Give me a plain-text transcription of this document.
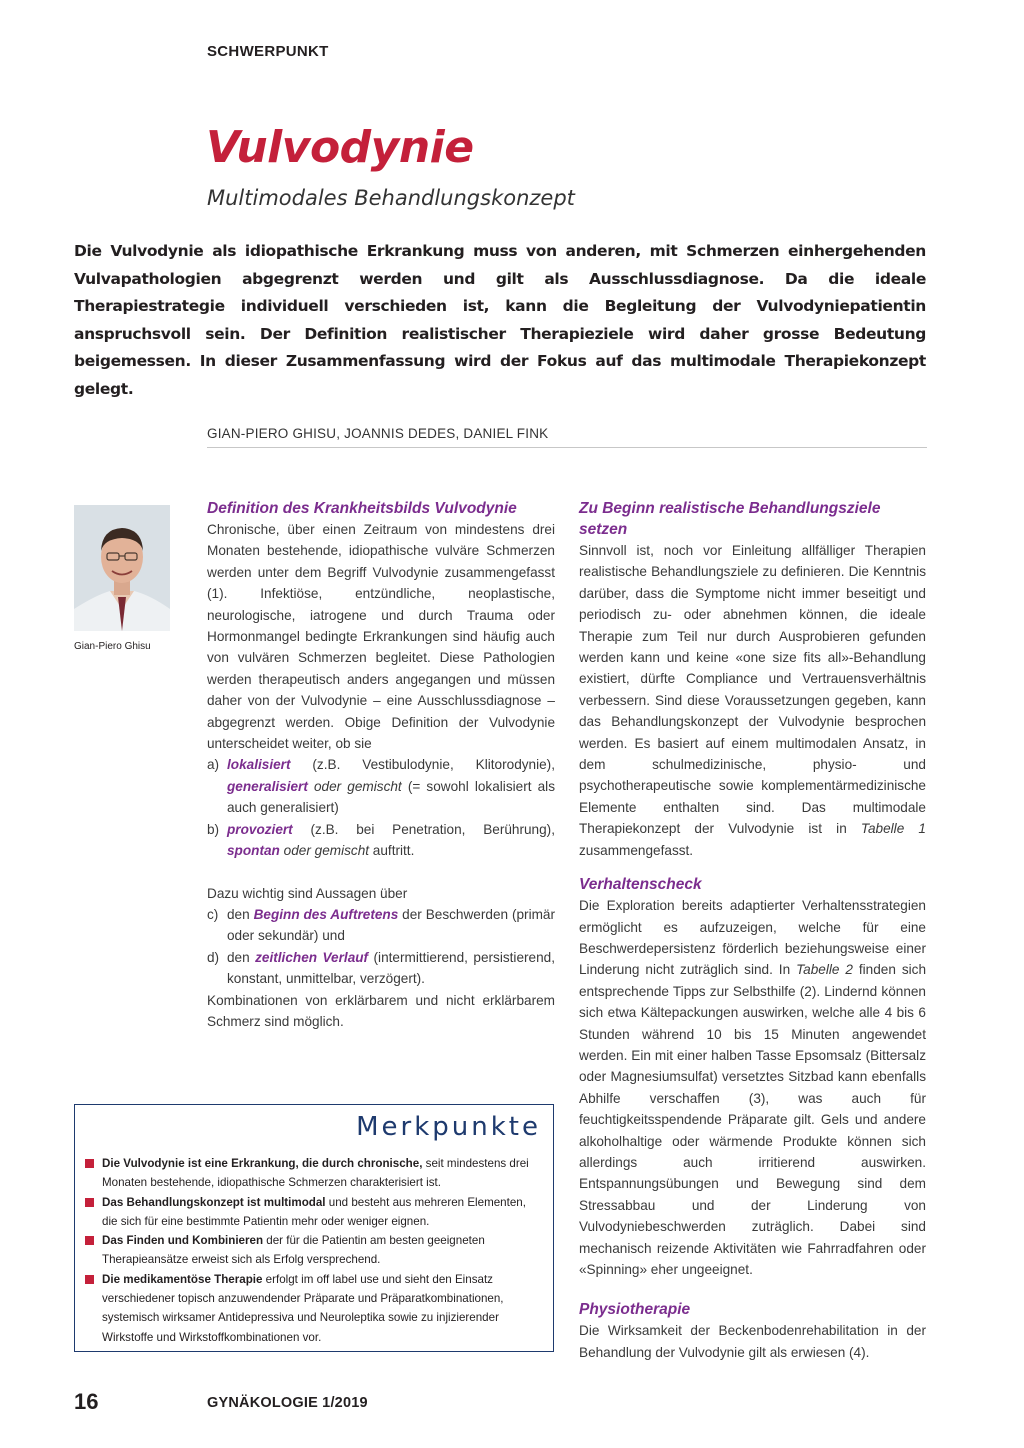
SCHWERPUNKT
Vulvodynie
Multimodales Behandlungskonzept
Die Vulvodynie als idiopathische Erkrankung muss von anderen, mit Schmerzen einhergehenden Vulvapathologien abgegrenzt werden und gilt als Ausschlussdiagnose. Da die ideale Therapiestrategie individuell verschieden ist, kann die Begleitung der Vulvodyniepatientin anspruchsvoll sein. Der Definition realistischer Therapieziele wird daher grosse Bedeutung beigemessen. In dieser Zusammenfassung wird der Fokus auf das multimodale Therapiekonzept gelegt.
GIAN-PIERO GHISU, JOANNIS DEDES, DANIEL FINK
Gian-Piero Ghisu
Definition des Krankheitsbilds Vulvodynie

Chronische, über einen Zeitraum von mindestens drei Monaten bestehende, idiopathische vulväre Schmerzen werden unter dem Begriff Vulvodynie zusammengefasst (1). Infektiöse, entzündliche, neoplastische, neurologische, iatrogene und durch Trauma oder Hormonmangel bedingte Erkrankungen sind häufig auch von vulvären Schmerzen begleitet. Diese Pathologien werden therapeutisch anders angegangen und müssen daher von der Vulvodynie – eine Ausschlussdiagnose – abgegrenzt werden. Obige Definition der Vulvodynie unterscheidet weiter, ob sie

a) lokalisiert (z.B. Vestibulodynie, Klitorodynie), generalisiert oder gemischt (= sowohl lokalisiert als auch generalisiert)
b) provoziert (z.B. bei Penetration, Berührung), spontan oder gemischt auftritt.

Dazu wichtig sind Aussagen über

c) den Beginn des Auftretens der Beschwerden (primär oder sekundär) und
d) den zeitlichen Verlauf (intermittierend, persistierend, konstant, unmittelbar, verzögert).

Kombinationen von erklärbarem und nicht erklärbarem Schmerz sind möglich.

Zu Beginn realistische Behandlungsziele setzen

Sinnvoll ist, noch vor Einleitung allfälliger Therapien realistische Behandlungsziele zu definieren. Die Kenntnis darüber, dass die Symptome nicht immer beseitigt und periodisch zu- oder abnehmen können, die ideale Therapie zum Teil nur durch Ausprobieren gefunden werden kann und keine «one size fits all»-Behandlung existiert, dürfte Compliance und Vertrauensverhältnis verbessern. Sind diese Voraussetzungen gegeben, kann das Behandlungskonzept der Vulvodynie besprochen werden. Es basiert auf einem multimodalen Ansatz, in dem schulmedizinische, physio- und psychotherapeutische sowie komplementärmedizinische Elemente enthalten sind. Das multimodale Therapiekonzept der Vulvodynie ist in Tabelle 1 zusammengefasst.

Verhaltenscheck

Die Exploration bereits adaptierter Verhaltensstrategien ermöglicht es aufzuzeigen, welche für eine Beschwerdepersistenz förderlich beziehungsweise einer Linderung nicht zuträglich sind. In Tabelle 2 finden sich entsprechende Tipps zur Selbsthilfe (2). Lindernd können sich etwa Kältepackungen auswirken, welche alle 4 bis 6 Stunden während 10 bis 15 Minuten angewendet werden. Ein mit einer halben Tasse Epsomsalz (Bittersalz oder Magnesiumsulfat) versetztes Sitzbad kann ebenfalls Abhilfe verschaffen (3), was auch für feuchtigkeitsspendende Präparate gilt. Gels und andere alkoholhaltige oder wärmende Produkte können sich allerdings auch irritierend auswirken. Entspannungsübungen und Bewegung sind dem Stressabbau und der Linderung von Vulvodyniebeschwerden zuträglich. Dabei sind mechanisch reizende Aktivitäten wie Fahrradfahren oder «Spinning» eher ungeeignet.

Physiotherapie

Die Wirksamkeit der Beckenbodenrehabilitation in der Behandlung der Vulvodynie gilt als erwiesen (4).

Merkpunkte
Die Vulvodynie ist eine Erkrankung, die durch chronische, seit mindestens drei Monaten bestehende, idiopathische Schmerzen charakterisiert ist.
Das Behandlungskonzept ist multimodal und besteht aus mehreren Elementen, die sich für eine bestimmte Patientin mehr oder weniger eignen.
Das Finden und Kombinieren der für die Patientin am besten geeigneten Therapieansätze erweist sich als Erfolg versprechend.
Die medikamentöse Therapie erfolgt im off label use und sieht den Einsatz verschiedener topisch anzuwendender Präparate und Präparatkombinationen, systemisch wirksamer Antidepressiva und Neuroleptika sowie zu injizierender Wirkstoffe und Wirkstoffkombinationen vor.
16	GYNÄKOLOGIE 1/2019
